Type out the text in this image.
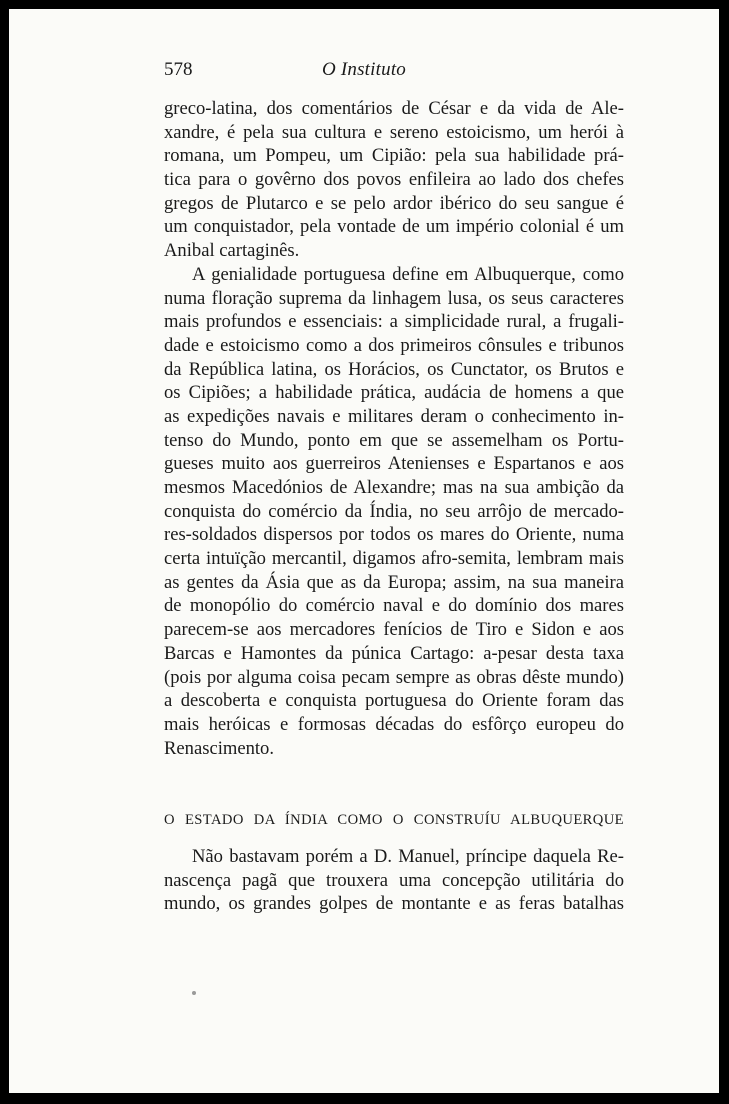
578	O Instituto
greco-latina, dos comentários de César e da vida de Ale-
xandre, é pela sua cultura e sereno estoicismo, um herói à
romana, um Pompeu, um Cipião: pela sua habilidade prá-
tica para o govêrno dos povos enfileira ao lado dos chefes
gregos de Plutarco e se pelo ardor ibérico do seu sangue é
um conquistador, pela vontade de um império colonial é um
Anibal cartaginês.
A genialidade portuguesa define em Albuquerque, como
numa floração suprema da linhagem lusa, os seus caracteres
mais profundos e essenciais: a simplicidade rural, a frugali-
dade e estoicismo como a dos primeiros cônsules e tribunos
da República latina, os Horácios, os Cunctator, os Brutos e
os Cipiões; a habilidade prática, audácia de homens a que
as expedições navais e militares deram o conhecimento in-
tenso do Mundo, ponto em que se assemelham os Portu-
gueses muito aos guerreiros Atenienses e Espartanos e aos
mesmos Macedónios de Alexandre; mas na sua ambição da
conquista do comércio da Índia, no seu arrôjo de mercado-
res-soldados dispersos por todos os mares do Oriente, numa
certa intuïção mercantil, digamos afro-semita, lembram mais
as gentes da Ásia que as da Europa; assim, na sua maneira
de monopólio do comércio naval e do domínio dos mares
parecem-se aos mercadores fenícios de Tiro e Sidon e aos
Barcas e Hamontes da púnica Cartago: a-pesar desta taxa
(pois por alguma coisa pecam sempre as obras dêste mundo)
a descoberta e conquista portuguesa do Oriente foram das
mais heróicas e formosas décadas do esfôrço europeu do
Renascimento.
O ESTADO DA ÍNDIA COMO O CONSTRUÍU ALBUQUERQUE
Não bastavam porém a D. Manuel, príncipe daquela Re-
nascença pagã que trouxera uma concepção utilitária do
mundo, os grandes golpes de montante e as feras batalhas
